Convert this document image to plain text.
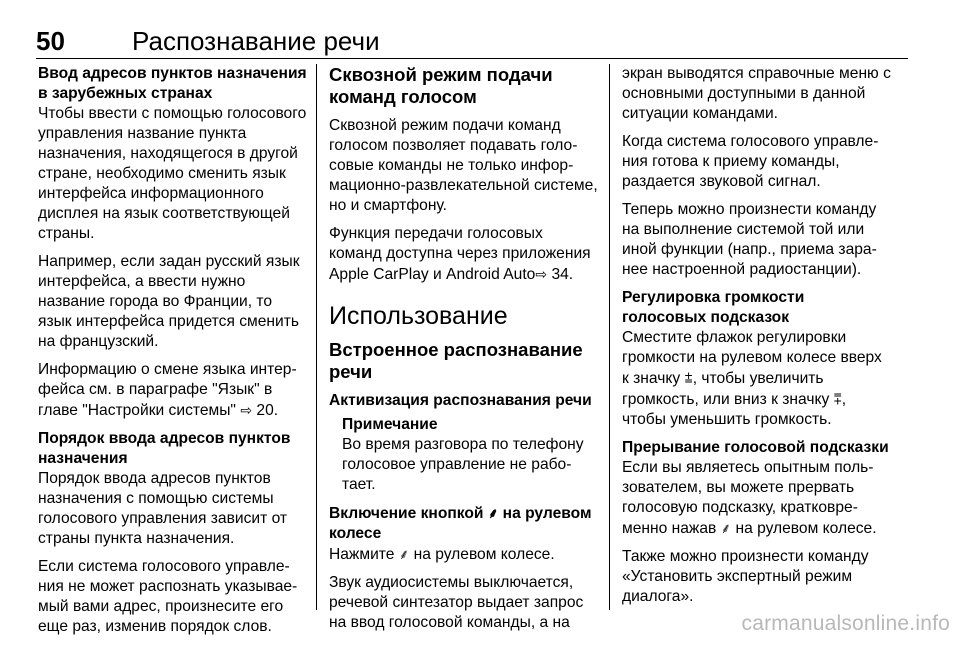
50	Распознавание речи

Ввод адресов пунктов назначения в зарубежных странах

Чтобы ввести с помощью голосового управления название пункта назначения, находящегося в другой стране, необходимо сменить язык интерфейса информационного дисплея на язык соответствующей страны.

Например, если задан русский язык интерфейса, а ввести нужно название города во Франции, то язык интерфейса придется сменить на французский.

Информацию о смене языка интерфейса см. в параграфе "Язык" в главе "Настройки системы" ⇨ 20.

Порядок ввода адресов пунктов назначения

Порядок ввода адресов пунктов назначения с помощью системы голосового управления зависит от страны пункта назначения.

Если система голосового управления не может распознать указываемый вами адрес, произнесите его еще раз, изменив порядок слов.

Сквозной режим подачи команд голосом

Сквозной режим подачи команд голосом позволяет подавать голосовые команды не только информационно-развлекательной системе, но и смартфону.

Функция передачи голосовых команд доступна через приложения Apple CarPlay и Android Auto⇨ 34.

Использование

Встроенное распознавание речи

Активизация распознавания речи

Примечание

Во время разговора по телефону голосовое управление не работает.

Включение кнопкой ⸙ на рулевом колесе

Нажмите ⸙ на рулевом колесе.

Звук аудиосистемы выключается, речевой синтезатор выдает запрос на ввод голосовой команды, а на

экран выводятся справочные меню с основными доступными в данной ситуации командами.

Когда система голосового управления готова к приему команды, раздается звуковой сигнал.

Теперь можно произнести команду на выполнение системой той или иной функции (напр., приема заранее настроенной радиостанции).

Регулировка громкости голосовых подсказок

Сместите флажок регулировки громкости на рулевом колесе вверх к значку ⩲, чтобы увеличить громкость, или вниз к значку ⩱, чтобы уменьшить громкость.

Прерывание голосовой подсказки

Если вы являетесь опытным пользователем, вы можете прервать голосовую подсказку, кратковременно нажав ⸙ на рулевом колесе.

Также можно произнести команду «Установить экспертный режим диалога».

carmanualsonline.info
